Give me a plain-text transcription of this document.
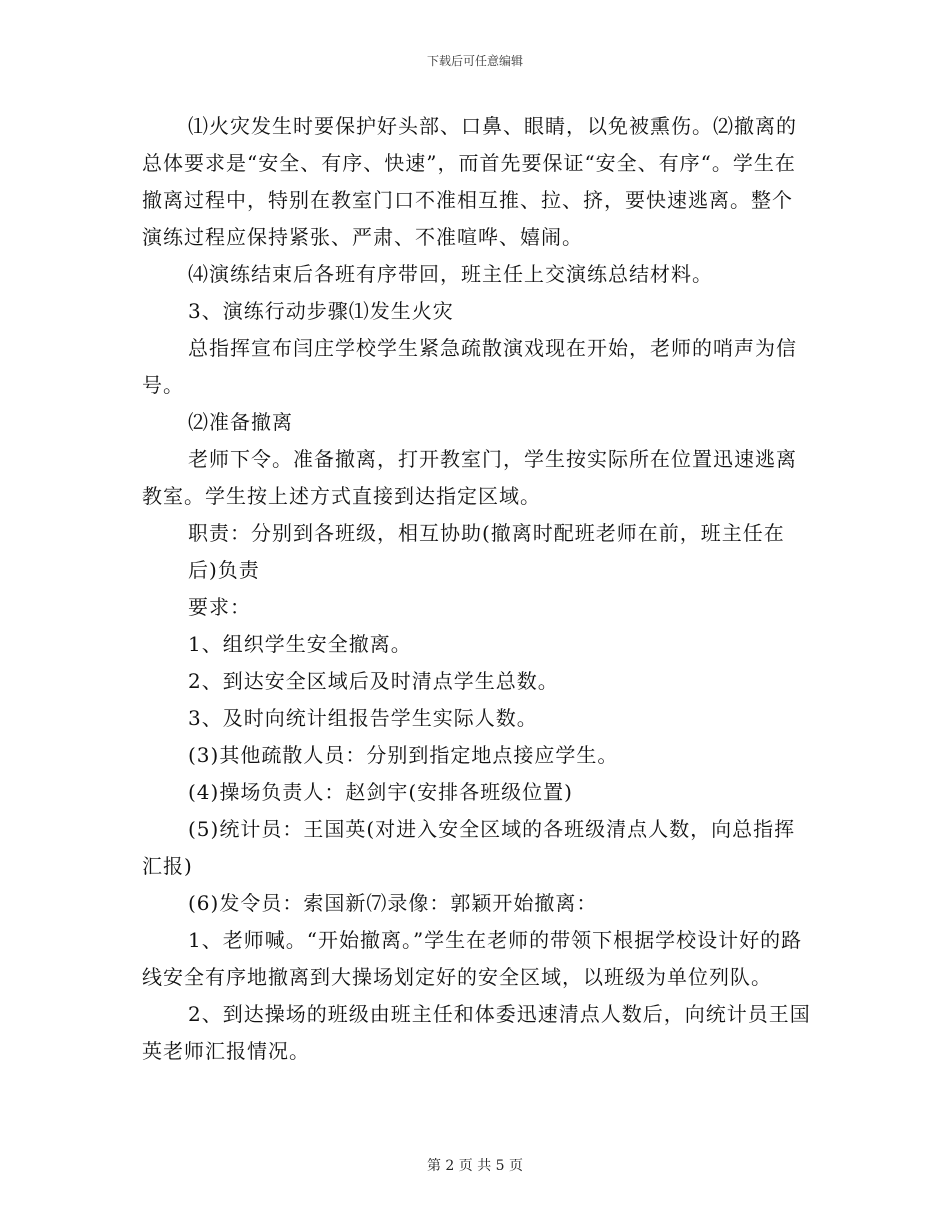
下载后可任意编辑

⑴火灾发生时要保护好头部、口鼻、眼睛，以免被熏伤。⑵撤离的总体要求是“安全、有序、快速”，而首先要保证“安全、有序“。学生在撤离过程中，特别在教室门口不准相互推、拉、挤，要快速逃离。整个演练过程应保持紧张、严肃、不准喧哗、嬉闹。

⑷演练结束后各班有序带回，班主任上交演练总结材料。

3、演练行动步骤⑴发生火灾

总指挥宣布闫庄学校学生紧急疏散演戏现在开始，老师的哨声为信号。

⑵准备撤离

老师下令。准备撤离，打开教室门，学生按实际所在位置迅速逃离教室。学生按上述方式直接到达指定区域。

职责：分别到各班级，相互协助(撤离时配班老师在前，班主任在后)负责

要求：

1、组织学生安全撤离。

2、到达安全区域后及时清点学生总数。

3、及时向统计组报告学生实际人数。

(3)其他疏散人员：分别到指定地点接应学生。

(4)操场负责人：赵剑宇(安排各班级位置)

(5)统计员：王国英(对进入安全区域的各班级清点人数，向总指挥汇报)

(6)发令员：索国新⑺录像：郭颖开始撤离：

1、老师喊。“开始撤离。”学生在老师的带领下根据学校设计好的路线安全有序地撤离到大操场划定好的安全区域，以班级为单位列队。

2、到达操场的班级由班主任和体委迅速清点人数后，向统计员王国英老师汇报情况。

第 2 页 共 5 页
